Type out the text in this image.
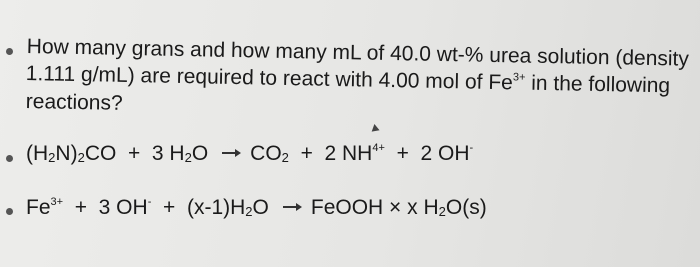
How many grans and how many mL of 40.0 wt-% urea solution (density
1.111 g/mL) are required to react with 4.00 mol of $Fe^{3+}$ in the following
reactions?
$(H_2N)_2CO + 3$ $H_2O \to CO_2 + 2$ $NH^{4+} + 2$ OH-
$Fe^{3+} + 3$ $OH^- + (x-1)H_2O$ → FeOOH × x $H_2O(s)$
